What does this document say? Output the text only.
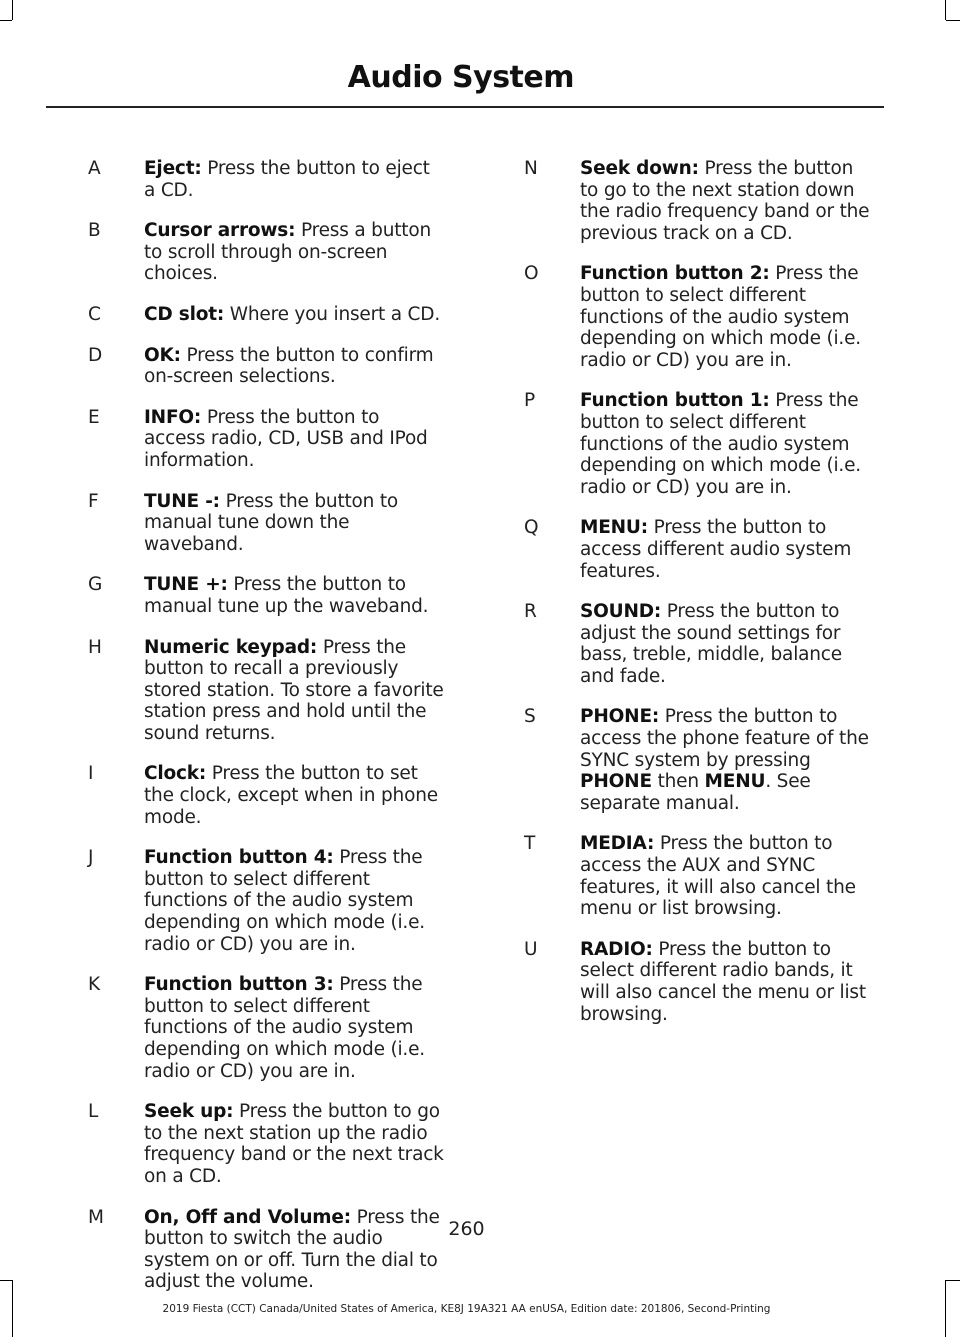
Audio System
A	Eject: Press the button to eject a CD.
B	Cursor arrows: Press a button to scroll through on-screen choices.
C	CD slot: Where you insert a CD.
D	OK: Press the button to confirm on-screen selections.
E	INFO: Press the button to access radio, CD, USB and IPod information.
F	TUNE -: Press the button to manual tune down the waveband.
G	TUNE +: Press the button to manual tune up the waveband.
H	Numeric keypad: Press the button to recall a previously stored station. To store a favorite station press and hold until the sound returns.
I	Clock: Press the button to set the clock, except when in phone mode.
J	Function button 4: Press the button to select different functions of the audio system depending on which mode (i.e. radio or CD) you are in.
K	Function button 3: Press the button to select different functions of the audio system depending on which mode (i.e. radio or CD) you are in.
L	Seek up: Press the button to go to the next station up the radio frequency band or the next track on a CD.
M	On, Off and Volume: Press the button to switch the audio system on or off. Turn the dial to adjust the volume.
N	Seek down: Press the button to go to the next station down the radio frequency band or the previous track on a CD.
O	Function button 2: Press the button to select different functions of the audio system depending on which mode (i.e. radio or CD) you are in.
P	Function button 1: Press the button to select different functions of the audio system depending on which mode (i.e. radio or CD) you are in.
Q	MENU: Press the button to access different audio system features.
R	SOUND: Press the button to adjust the sound settings for bass, treble, middle, balance and fade.
S	PHONE: Press the button to access the phone feature of the SYNC system by pressing PHONE then MENU. See separate manual.
T	MEDIA: Press the button to access the AUX and SYNC features, it will also cancel the menu or list browsing.
U	RADIO: Press the button to select different radio bands, it will also cancel the menu or list browsing.
260
2019 Fiesta (CCT) Canada/United States of America, KE8J 19A321 AA enUSA, Edition date: 201806, Second-Printing
